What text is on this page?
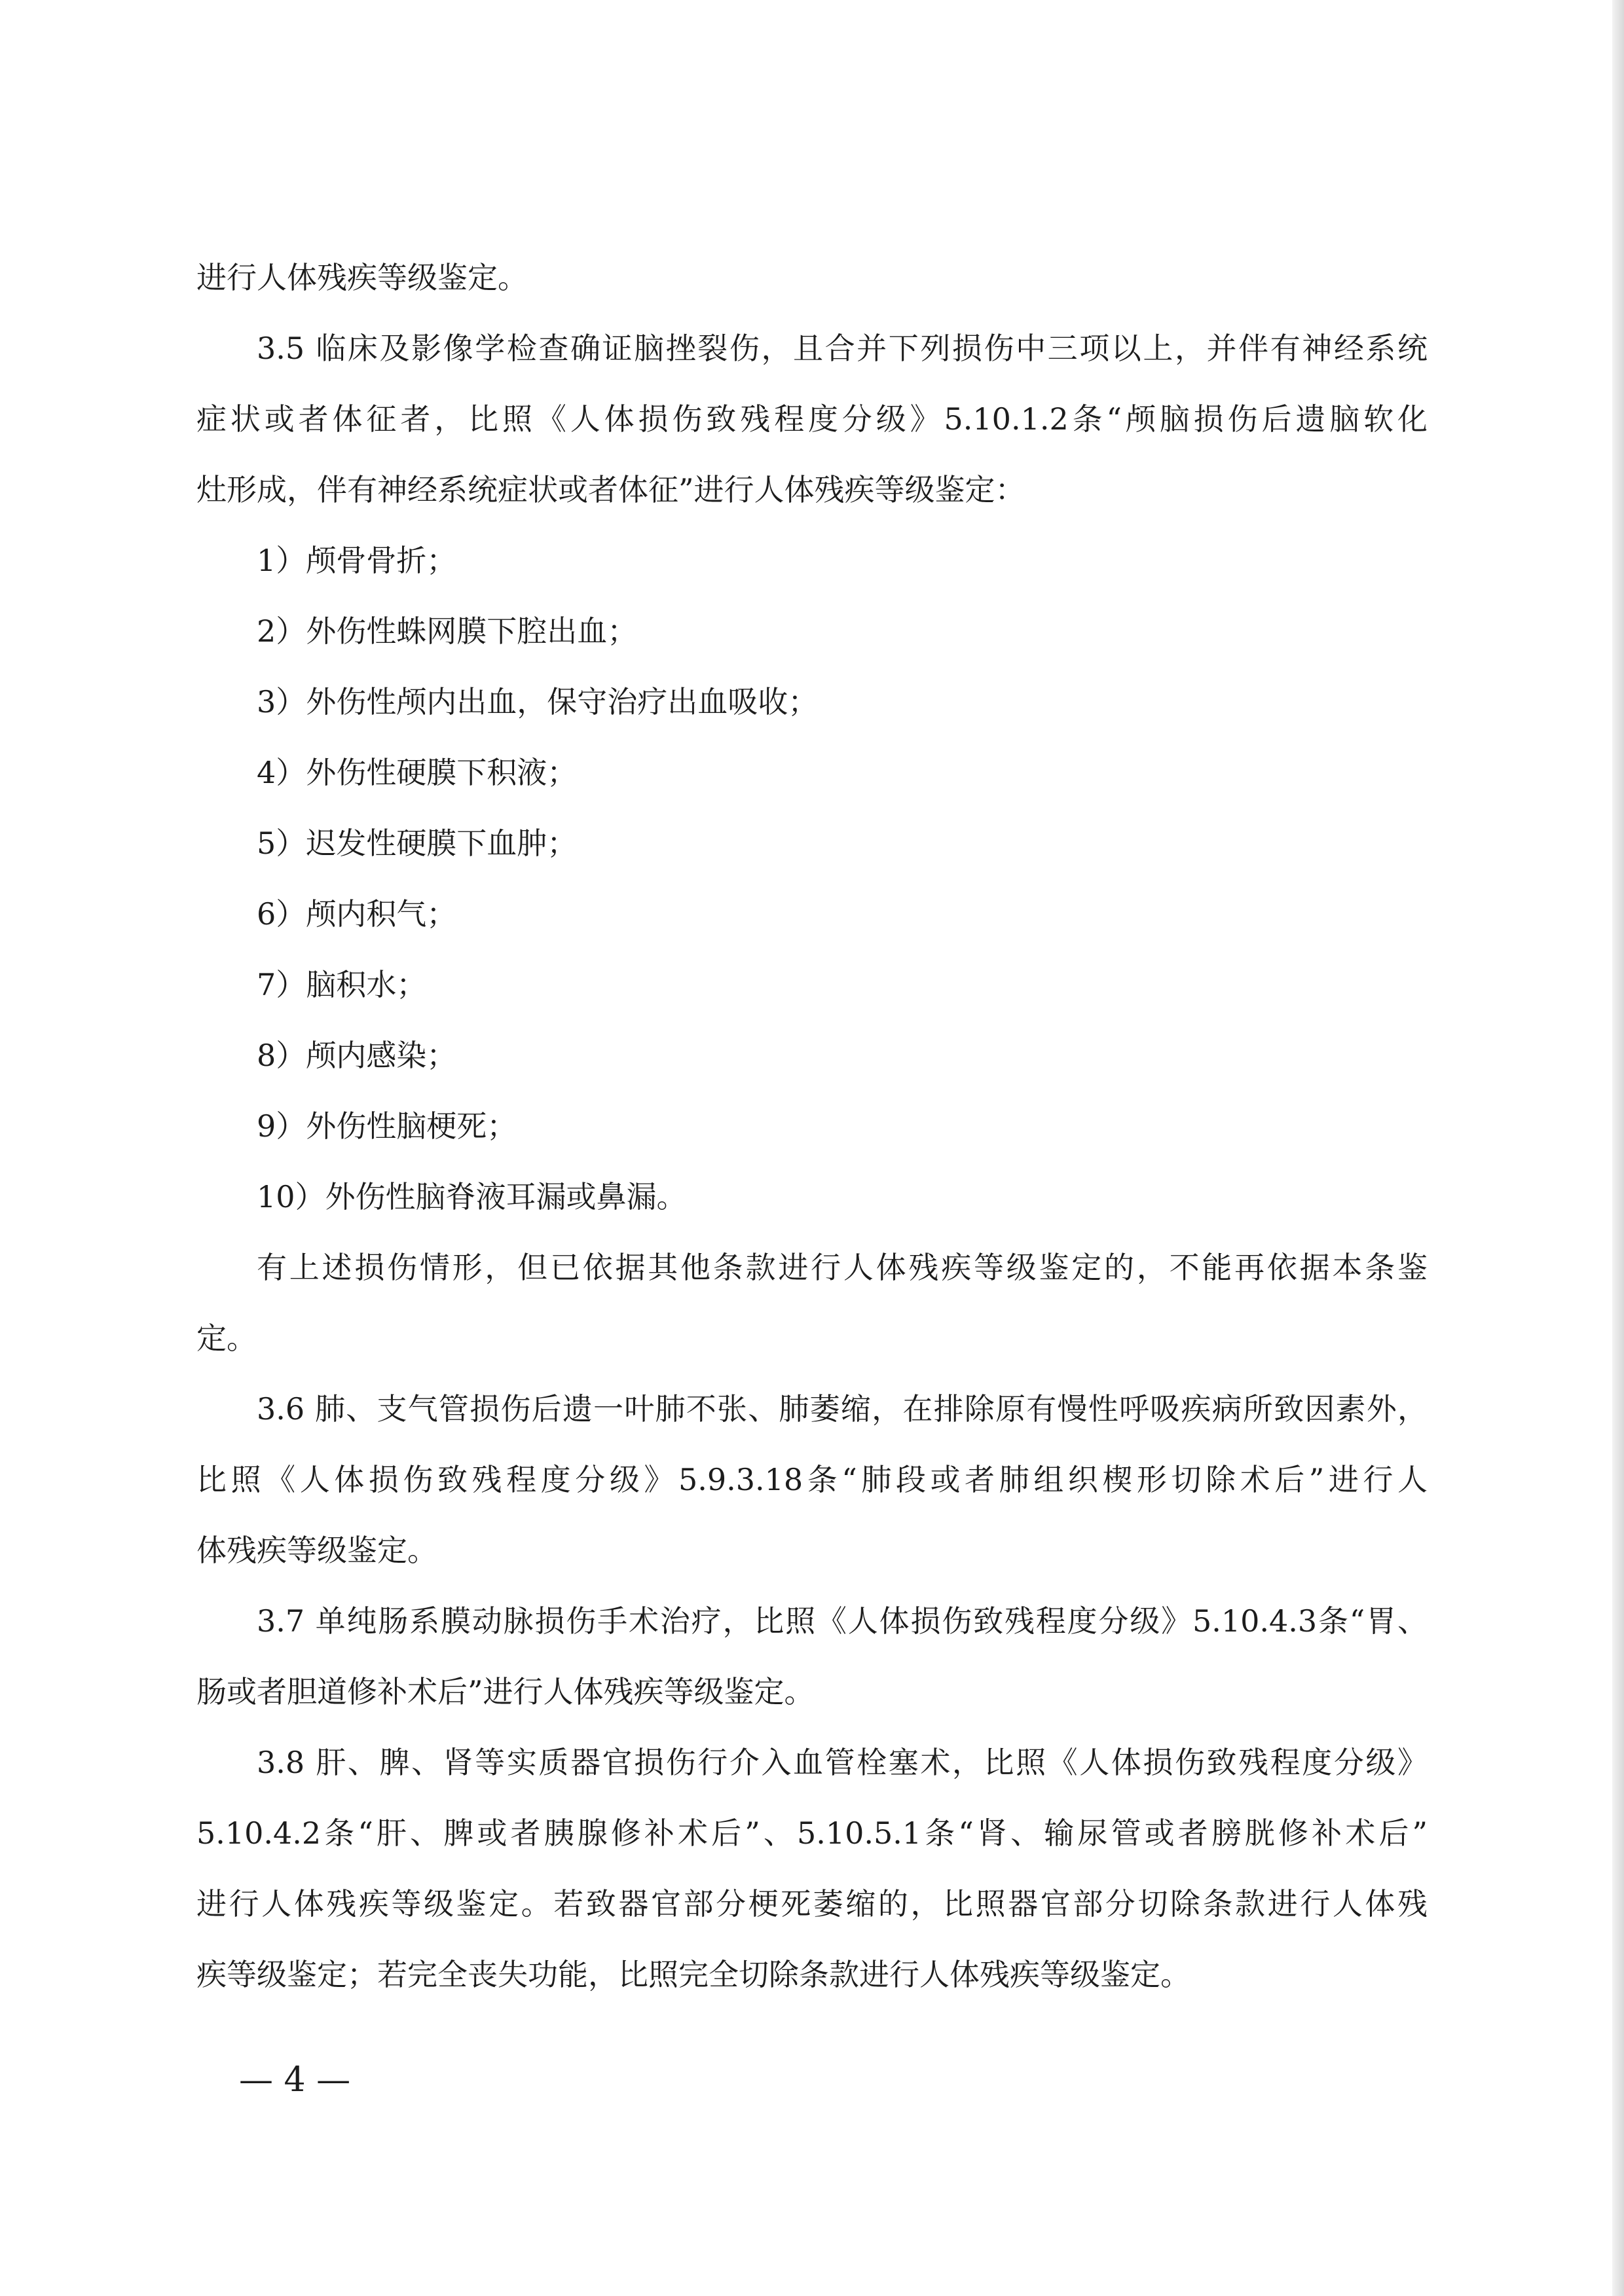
进行人体残疾等级鉴定。
3.5 临床及影像学检查确证脑挫裂伤，且合并下列损伤中三项以上，并伴有神经系统
症状或者体征者，比照《人体损伤致残程度分级》5.10.1.2条“颅脑损伤后遗脑软化
灶形成，伴有神经系统症状或者体征”进行人体残疾等级鉴定：
1）颅骨骨折；
2）外伤性蛛网膜下腔出血；
3）外伤性颅内出血，保守治疗出血吸收；
4）外伤性硬膜下积液；
5）迟发性硬膜下血肿；
6）颅内积气；
7）脑积水；
8）颅内感染；
9）外伤性脑梗死；
10）外伤性脑脊液耳漏或鼻漏。
有上述损伤情形，但已依据其他条款进行人体残疾等级鉴定的，不能再依据本条鉴
定。
3.6 肺、支气管损伤后遗一叶肺不张、肺萎缩，在排除原有慢性呼吸疾病所致因素外，
比照《人体损伤致残程度分级》5.9.3.18条“肺段或者肺组织楔形切除术后”进行人
体残疾等级鉴定。
3.7 单纯肠系膜动脉损伤手术治疗，比照《人体损伤致残程度分级》5.10.4.3条“胃、
肠或者胆道修补术后”进行人体残疾等级鉴定。
3.8 肝、脾、肾等实质器官损伤行介入血管栓塞术，比照《人体损伤致残程度分级》
5.10.4.2条“肝、脾或者胰腺修补术后”、5.10.5.1条“肾、输尿管或者膀胱修补术后”
进行人体残疾等级鉴定。若致器官部分梗死萎缩的，比照器官部分切除条款进行人体残
疾等级鉴定；若完全丧失功能，比照完全切除条款进行人体残疾等级鉴定。
— 4 —
